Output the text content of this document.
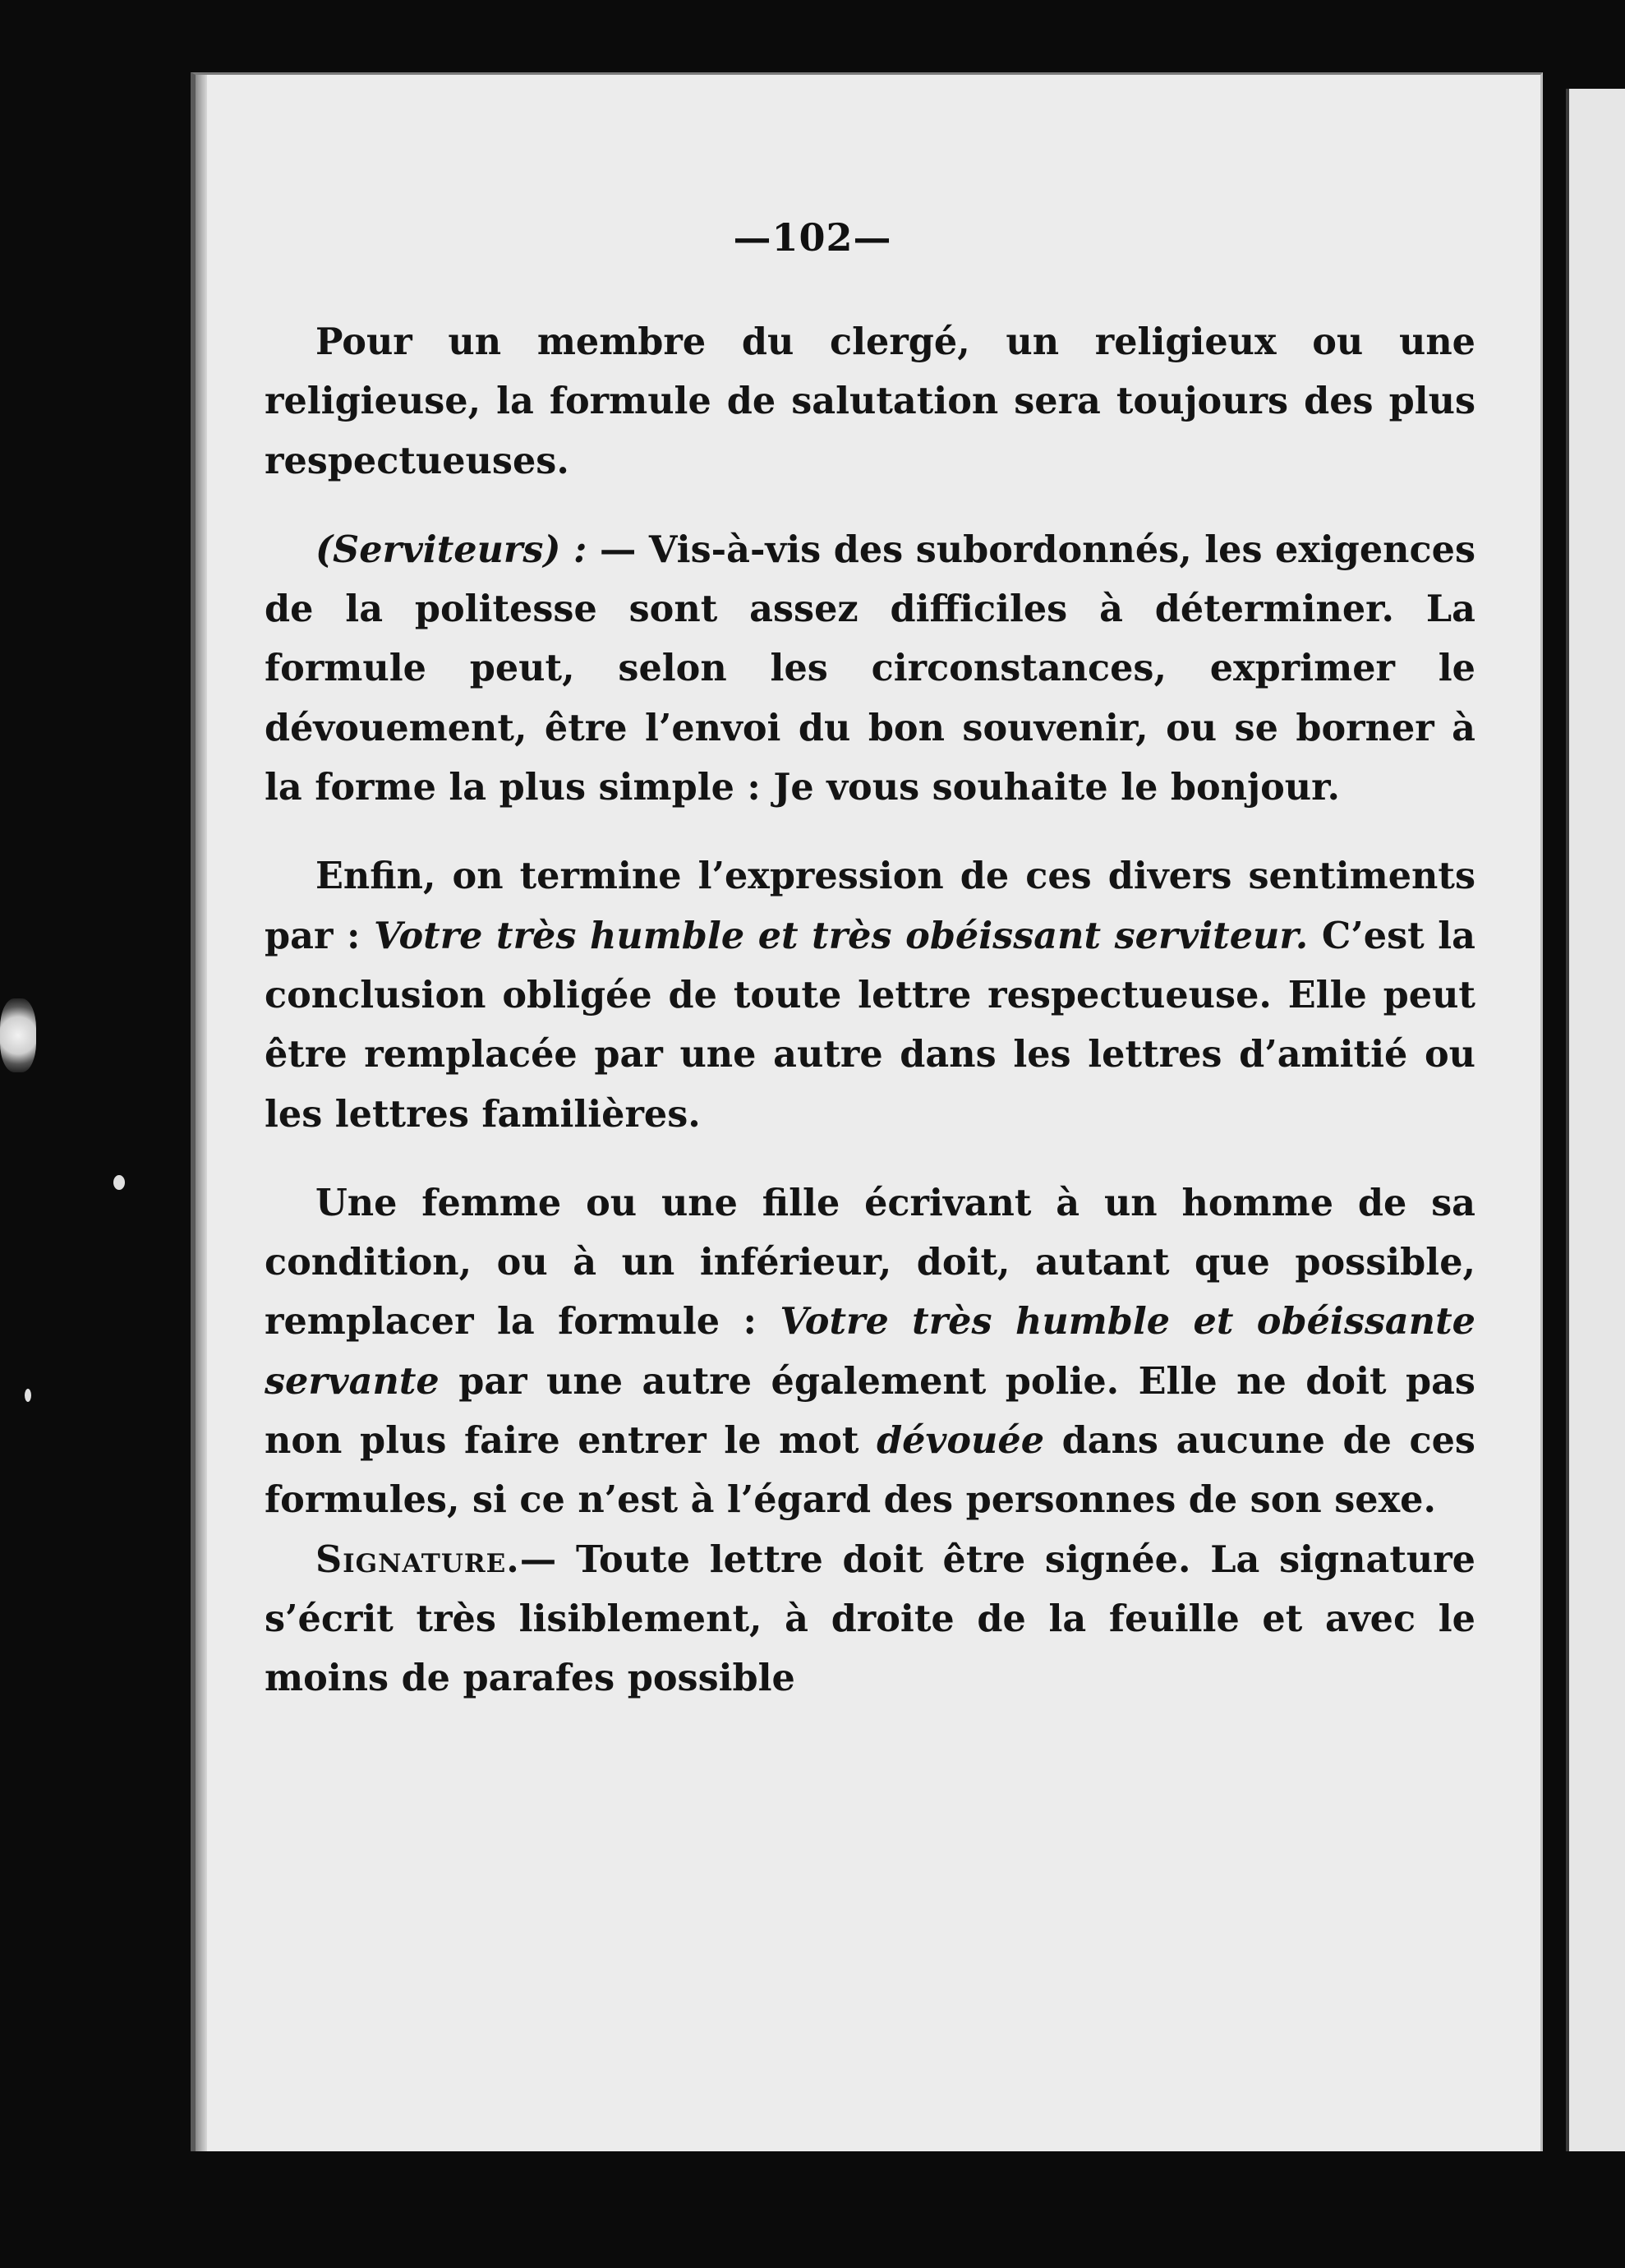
—102—

Pour un membre du clergé, un religieux ou une religieuse, la formule de salutation sera toujours des plus respectueuses.

(Serviteurs) : — Vis-à-vis des subordonnés, les exigences de la politesse sont assez difficiles à déterminer. La formule peut, selon les circonstances, exprimer le dévouement, être l’envoi du bon souvenir, ou se borner à la forme la plus simple : Je vous souhaite le bonjour.

Enfin, on termine l’expression de ces divers sentiments par : Votre très humble et très obéissant serviteur. C’est la conclusion obligée de toute lettre respectueuse. Elle peut être remplacée par une autre dans les lettres d’amitié ou les lettres familières.

Une femme ou une fille écrivant à un homme de sa condition, ou à un inférieur, doit, autant que possible, remplacer la formule : Votre très humble et obéissante servante par une autre également polie. Elle ne doit pas non plus faire entrer le mot dévouée dans aucune de ces formules, si ce n’est à l’égard des personnes de son sexe.

Signature.— Toute lettre doit être signée. La signature s’écrit très lisiblement, à droite de la feuille et avec le moins de parafes possible
